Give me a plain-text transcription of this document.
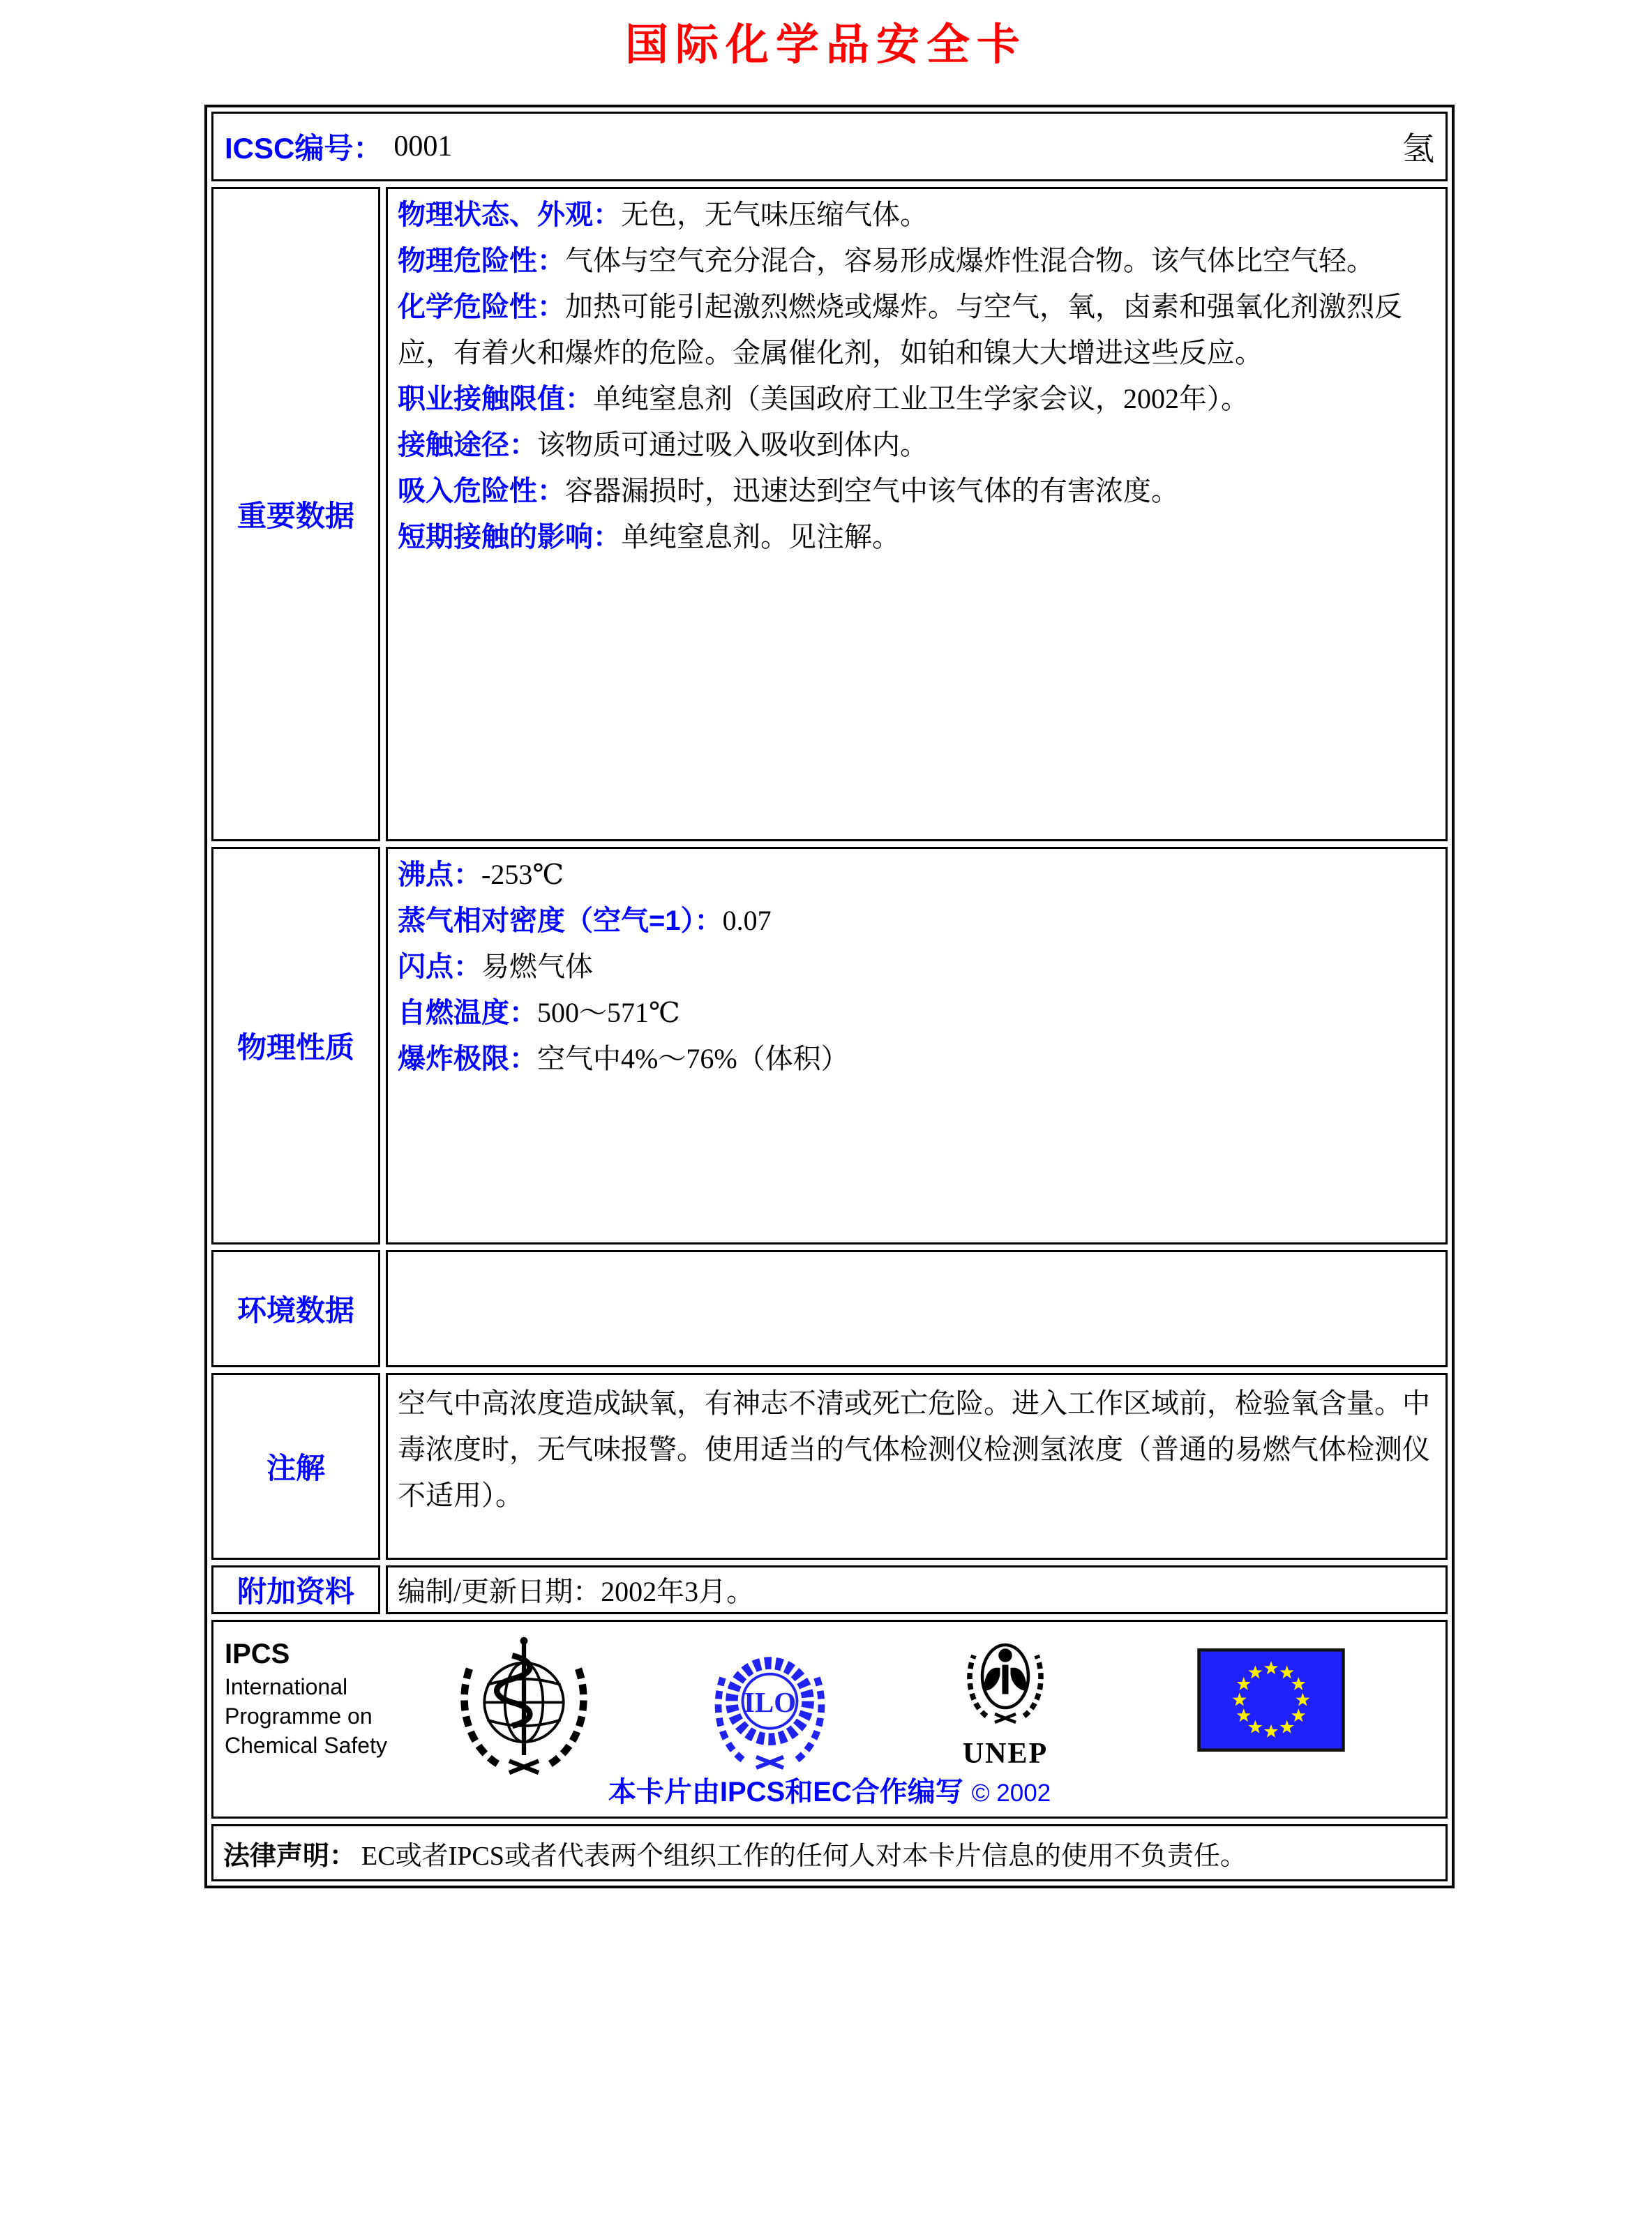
国际化学品安全卡
ICSC编号： 0001	氢
重要数据
物理状态、外观：无色，无气味压缩气体。
物理危险性：气体与空气充分混合，容易形成爆炸性混合物。该气体比空气轻。
化学危险性：加热可能引起激烈燃烧或爆炸。与空气，氧，卤素和强氧化剂激烈反应，有着火和爆炸的危险。金属催化剂，如铂和镍大大增进这些反应。
职业接触限值：单纯窒息剂（美国政府工业卫生学家会议，2002年）。
接触途径：该物质可通过吸入吸收到体内。
吸入危险性：容器漏损时，迅速达到空气中该气体的有害浓度。
短期接触的影响：单纯窒息剂。见注解。
物理性质
沸点：-253℃
蒸气相对密度（空气=1）：0.07
闪点：易燃气体
自燃温度：500～571℃
爆炸极限：空气中4%～76%（体积）
环境数据
注解
空气中高浓度造成缺氧，有神志不清或死亡危险。进入工作区域前，检验氧含量。中毒浓度时，无气味报警。使用适当的气体检测仪检测氢浓度（普通的易燃气体检测仪不适用）。
附加资料	编制/更新日期：2002年3月。
IPCS
International
Programme on
Chemical Safety
ILO
UNEP
本卡片由IPCS和EC合作编写 © 2002
法律声明： EC或者IPCS或者代表两个组织工作的任何人对本卡片信息的使用不负责任。
